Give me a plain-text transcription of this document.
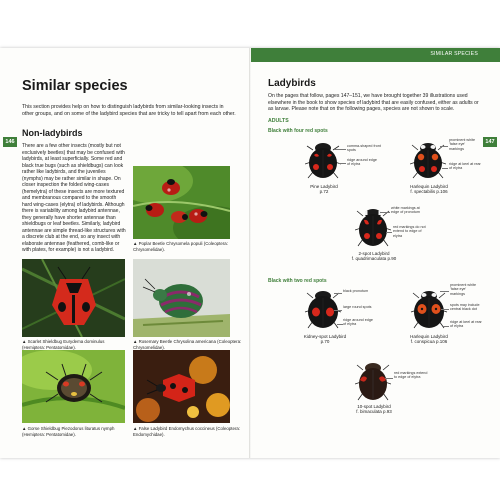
SIMILAR SPECIES
146	147
Similar species
This section provides help on how to distinguish ladybirds from similar-looking insects in other groups, and on some of the ladybird species that are tricky to tell apart from each other.
Non-ladybirds
There are a few other insects (mostly but not exclusively beetles) that may be confused with ladybirds, at least superficially. Some red and black true bugs (such as shieldbugs) can look rather like ladybirds, and the juveniles (nymphs) may be rather similar in shape. On closer inspection the folded wing-cases (hemelytra) of these insects are more textured and membranous compared to the smooth hard wing-cases (elytra) of ladybirds. Although there is variability among ladybird antennae, they generally have shorter antennae than shieldbugs or leaf beetles. Similarly, ladybird antennae are simple thread-like structures with a discrete club at the end, so any insect with elaborate antennae (feathered, comb-like or with plates, for example) is not a ladybird.
▲ Poplar Beetle Chrysomela populi (Coleoptera: Chrysomelidae).
▲ Scarlet Shieldbug Eurydema dominulus (Hemiptera: Pentatomidae).
▲ Rosemary Beetle Chrysolina americana (Coleoptera: Chrysomelidae).
▲ Gorse Shieldbug Piezodorus lituratus nymph (Hemiptera: Pentatomidae).
▲ False Ladybird Endomychus coccineus (Coleoptera: Endomychidae).
Ladybirds
On the pages that follow, pages 147–151, we have brought together 39 illustrations used elsewhere in the book to show species of ladybird that are easily confused, either as adults or as larvae. Please note that on the following pages, species are not shown to scale.
ADULTS
Black with four red spots
Black with two red spots
comma-shaped front spots
ridge around edge of elytra
Pine Ladybird
p.72
prominent white 'false eye' markings
ridge at keel at rear of elytra
Harlequin Ladybird
f. spectabilis p.106
white markings at edge of pronotum
red markings do not extend to edge of elytra
2-spot Ladybird
f. quadrimaculata p.90
black pronotum
large round spots
ridge around edge of elytra
Kidney-spot Ladybird
p.70
prominent white 'false eye' markings
spots may include central black dot
ridge at keel at rear of elytra
Harlequin Ladybird
f. conspicua p.106
red markings extend to edge of elytra
10-spot Ladybird
f. bimaculata p.93
